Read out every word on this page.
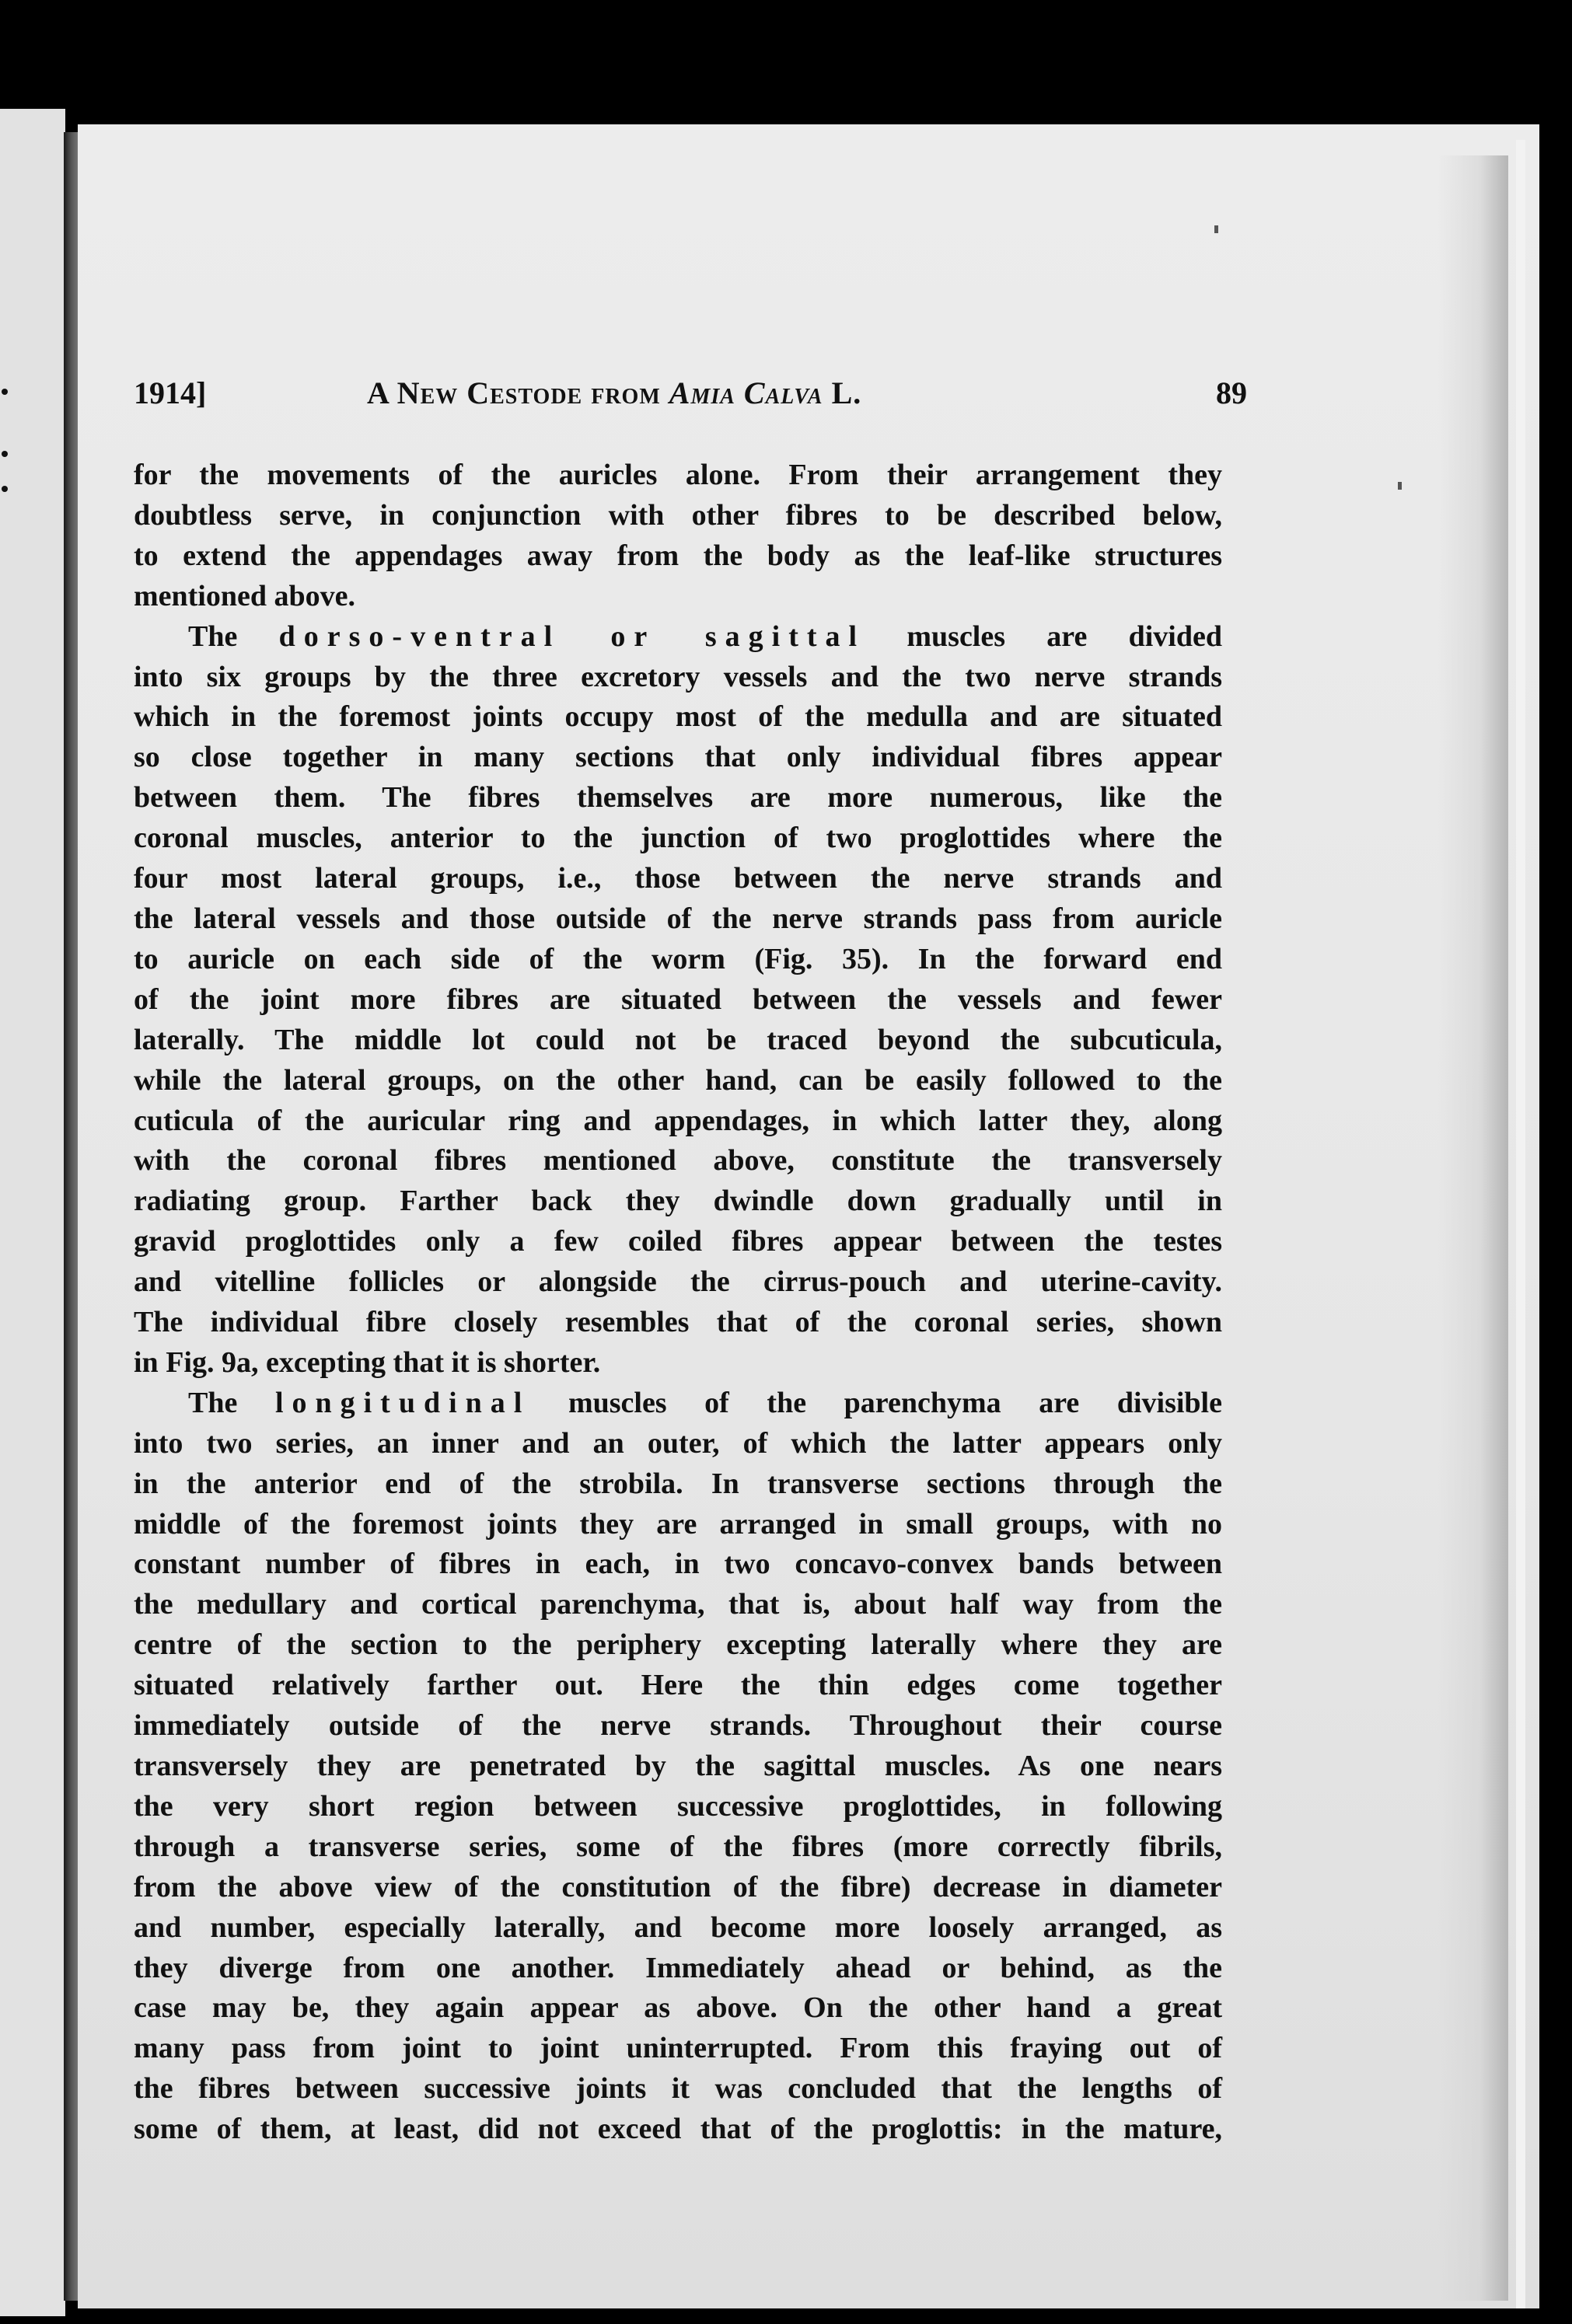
1914]	A New Cestode from Amia Calva L.	89
for the movements of the auricles alone. From their arrangement they
doubtless serve, in conjunction with other fibres to be described below,
to extend the appendages away from the body as the leaf-like structures
mentioned above.
The dorso-ventral or sagittal muscles are divided
into six groups by the three excretory vessels and the two nerve strands
which in the foremost joints occupy most of the medulla and are situated
so close together in many sections that only individual fibres appear
between them. The fibres themselves are more numerous, like the
coronal muscles, anterior to the junction of two proglottides where the
four most lateral groups, i.e., those between the nerve strands and
the lateral vessels and those outside of the nerve strands pass from auricle
to auricle on each side of the worm (Fig. 35). In the forward end
of the joint more fibres are situated between the vessels and fewer
laterally. The middle lot could not be traced beyond the subcuticula,
while the lateral groups, on the other hand, can be easily followed to the
cuticula of the auricular ring and appendages, in which latter they, along
with the coronal fibres mentioned above, constitute the transversely
radiating group. Farther back they dwindle down gradually until in
gravid proglottides only a few coiled fibres appear between the testes
and vitelline follicles or alongside the cirrus-pouch and uterine-cavity.
The individual fibre closely resembles that of the coronal series, shown
in Fig. 9a, excepting that it is shorter.
The longitudinal muscles of the parenchyma are divisible
into two series, an inner and an outer, of which the latter appears only
in the anterior end of the strobila. In transverse sections through the
middle of the foremost joints they are arranged in small groups, with no
constant number of fibres in each, in two concavo-convex bands between
the medullary and cortical parenchyma, that is, about half way from the
centre of the section to the periphery excepting laterally where they are
situated relatively farther out. Here the thin edges come together
immediately outside of the nerve strands. Throughout their course
transversely they are penetrated by the sagittal muscles. As one nears
the very short region between successive proglottides, in following
through a transverse series, some of the fibres (more correctly fibrils,
from the above view of the constitution of the fibre) decrease in diameter
and number, especially laterally, and become more loosely arranged, as
they diverge from one another. Immediately ahead or behind, as the
case may be, they again appear as above. On the other hand a great
many pass from joint to joint uninterrupted. From this fraying out of
the fibres between successive joints it was concluded that the lengths of
some of them, at least, did not exceed that of the proglottis: in the mature,
